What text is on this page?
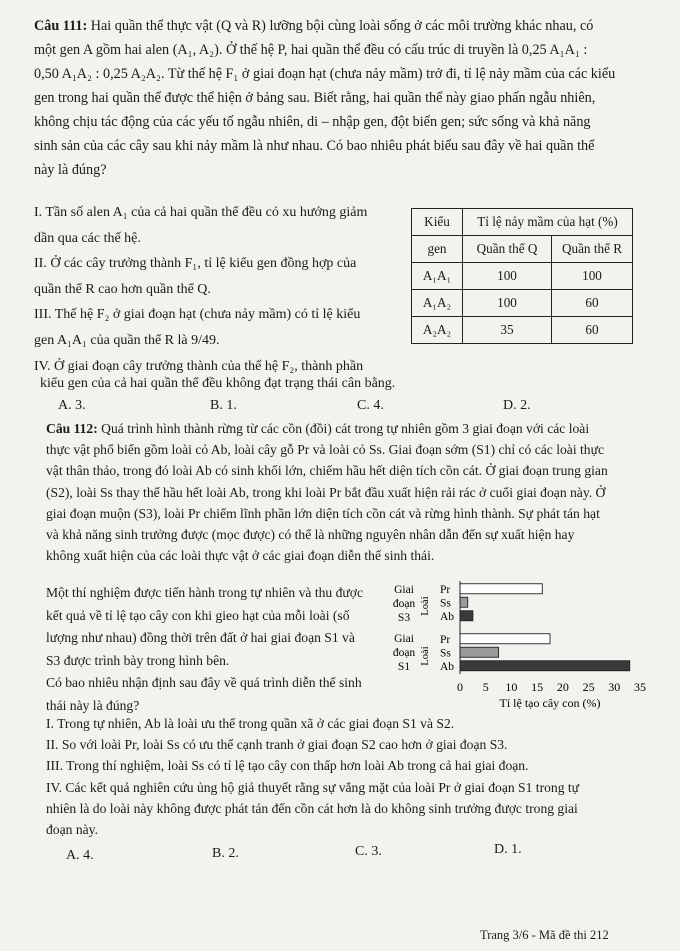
Câu 111: Hai quần thể thực vật (Q và R) lưỡng bội cùng loài sống ở các môi trường khác nhau, có
một gen A gồm hai alen (A₁, A₂). Ở thế hệ P, hai quần thể đều có cấu trúc di truyền là 0,25 A₁A₁ :
0,50 A₁A₂ : 0,25 A₂A₂. Từ thế hệ F₁ ở giai đoạn hạt (chưa nảy mầm) trở đi, tỉ lệ nảy mầm của các kiểu
gen trong hai quần thể được thể hiện ở bảng sau. Biết rằng, hai quần thể này giao phấn ngẫu nhiên,
không chịu tác động của các yếu tố ngẫu nhiên, di – nhập gen, đột biến gen; sức sống và khả năng
sinh sản của các cây sau khi nảy mầm là như nhau. Có bao nhiêu phát biểu sau đây về hai quần thể
này là đúng?
I. Tần số alen A₁ của cả hai quần thể đều có xu hướng giảm
dần qua các thế hệ.
II. Ở các cây trưởng thành F₁, tỉ lệ kiểu gen đồng hợp của
quần thể R cao hơn quần thể Q.
III. Thế hệ F₂ ở giai đoạn hạt (chưa nảy mầm) có tỉ lệ kiểu
gen A₁A₁ của quần thể R là 9/49.
IV. Ở giai đoạn cây trưởng thành của thế hệ F₂, thành phần
kiểu gen của cả hai quần thể đều không đạt trạng thái cân bằng.
Kiểu	Tỉ lệ nảy mầm của hạt (%)	
gen	Quần thể Q	Quần thể R
A₁A₁	100	100
A₁A₂	100	60
A₂A₂	35	60
A. 3.	B. 1.	C. 4.	D. 2.
Câu 112: Quá trình hình thành rừng từ các cồn (đồi) cát trong tự nhiên gồm 3 giai đoạn với các loài
thực vật phổ biến gồm loài cỏ Ab, loài cây gỗ Pr và loài cỏ Ss. Giai đoạn sớm (S1) chỉ có các loài thực
vật thân thảo, trong đó loài Ab có sinh khối lớn, chiếm hầu hết diện tích cồn cát. Ở giai đoạn trung gian
(S2), loài Ss thay thế hầu hết loài Ab, trong khi loài Pr bắt đầu xuất hiện rải rác ở cuối giai đoạn này. Ở
giai đoạn muộn (S3), loài Pr chiếm lĩnh phần lớn diện tích cồn cát và rừng hình thành. Sự phát tán hạt
và khả năng sinh trưởng được (mọc được) có thể là những nguyên nhân dẫn đến sự xuất hiện hay
không xuất hiện của các loài thực vật ở các giai đoạn diễn thế sinh thái.
Một thí nghiệm được tiến hành trong tự nhiên và thu được
kết quả về tỉ lệ tạo cây con khi gieo hạt của mỗi loài (số
lượng như nhau) đồng thời trên đất ở hai giai đoạn S1 và
S3 được trình bày trong hình bên.
Có bao nhiêu nhận định sau đây về quá trình diễn thế sinh
thái này là đúng?
Giai
đoạn
S3
Giai
đoạn
S1
Loài
Loài
Pr
Ss
Ab
Pr
Ss
Ab
0 5 10 15 20 25 30 35
Tỉ lệ tạo cây con (%)
I. Trong tự nhiên, Ab là loài ưu thế trong quần xã ở các giai đoạn S1 và S2.
II. So với loài Pr, loài Ss có ưu thế cạnh tranh ở giai đoạn S2 cao hơn ở giai đoạn S3.
III. Trong thí nghiệm, loài Ss có tỉ lệ tạo cây con thấp hơn loài Ab trong cả hai giai đoạn.
IV. Các kết quả nghiên cứu ủng hộ giả thuyết rằng sự vắng mặt của loài Pr ở giai đoạn S1 trong tự
nhiên là do loài này không được phát tán đến cồn cát hơn là do không sinh trưởng được trong giai
đoạn này.
A. 4.	B. 2.	C. 3.	D. 1.
Trang 3/6 - Mã đề thi 212
